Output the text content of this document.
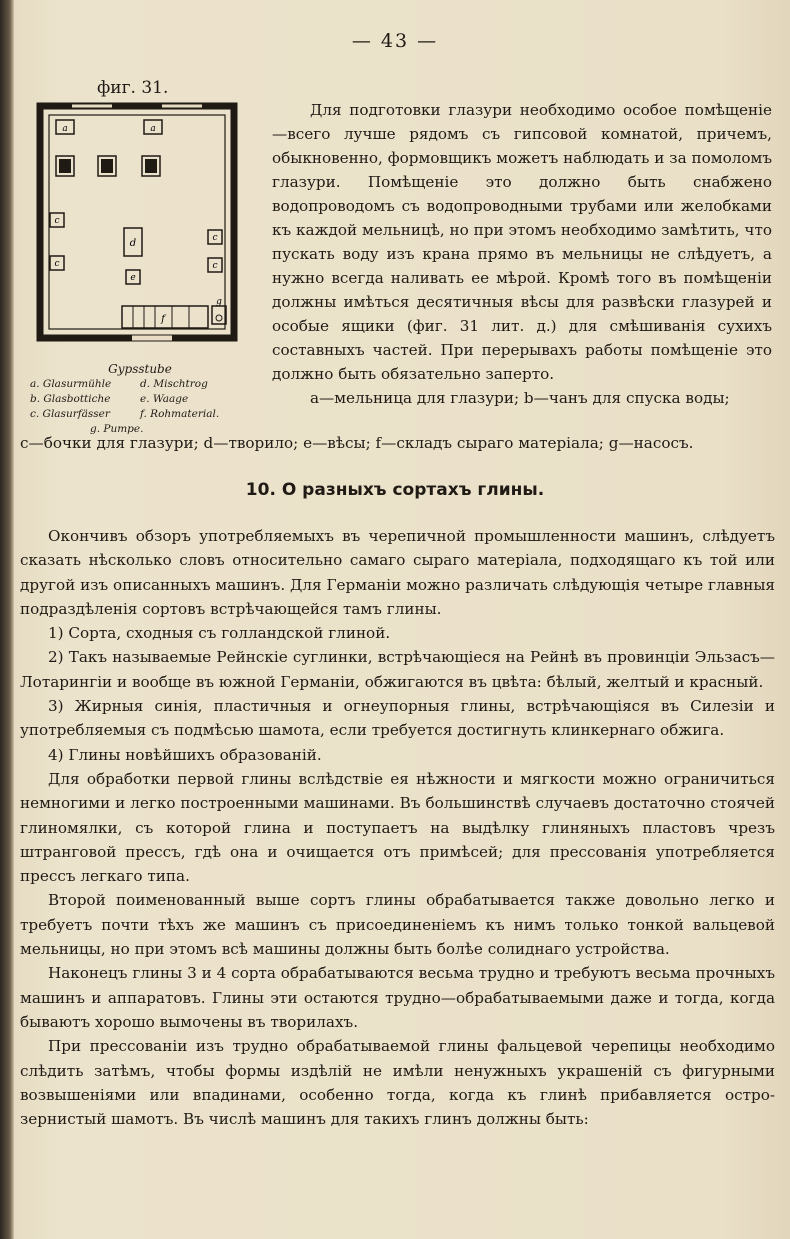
— 43 —
фиг. 31.
a	a
c
c
c
c
d
e
f
g
Gypsstube
a. Glasurmühle	d. Mischtrog
b. Glasbottiche	e. Waage
c. Glasurfässer	f. Rohmaterial.
g. Pumpe.

Для подготовки глазури необходимо особое помѣщеніе—всего лучше рядомъ съ гипсовой комнатой, причемъ, обыкновенно, формовщикъ можетъ наблюдать и за помоломъ глазури. Помѣщеніе это должно быть снабжено водопроводомъ съ водопроводными трубами или желобками къ каждой мельницѣ, но при этомъ необходимо замѣтить, что пускать воду изъ крана прямо въ мельницы не слѣдуетъ, а нужно всегда наливать ее мѣрой. Кромѣ того въ помѣщеніи должны имѣться десятичныя вѣсы для развѣски глазурей и особые ящики (фиг. 31 лит. д.) для смѣшиванія сухихъ составныхъ частей. При перерывахъ работы помѣщеніе это должно быть обязательно заперто.

а—мельница для глазури; b—чанъ для спуска воды;

c—бочки для глазури; d—творило; e—вѣсы; f—складъ сыраго матеріала; g—насосъ.
10. О разныхъ сортахъ глины.

Окончивъ обзоръ употребляемыхъ въ черепичной промышленности машинъ, слѣдуетъ сказать нѣсколько словъ относительно самаго сыраго матеріала, подходящаго къ той или другой изъ описанныхъ машинъ. Для Германіи можно различать слѣдующія четыре главныя подраздѣленія сортовъ встрѣчающейся тамъ глины.

1) Сорта, сходныя съ голландской глиной.

2) Такъ называемые Рейнскіе суглинки, встрѣчающіеся на Рейнѣ въ провинціи Эльзасъ—Лотарингіи и вообще въ южной Германіи, обжигаются въ цвѣта: бѣлый, желтый и красный.

3) Жирныя синія, пластичныя и огнеупорныя глины, встрѣчающіяся въ Силезіи и употребляемыя съ подмѣсью шамота, если требуется достигнуть клинкернаго обжига.

4) Глины новѣйшихъ образованій.

Для обработки первой глины вслѣдствіе ея нѣжности и мягкости можно ограничиться немногими и легко построенными машинами. Въ большинствѣ случаевъ достаточно стоячей глиномялки, съ которой глина и поступаетъ на выдѣлку глиняныхъ пластовъ чрезъ штранговой прессъ, гдѣ она и очищается отъ примѣсей; для прессованія употребляется прессъ легкаго типа.

Второй поименованный выше сортъ глины обрабатывается также довольно легко и требуетъ почти тѣхъ же машинъ съ присоединеніемъ къ нимъ только тонкой вальцевой мельницы, но при этомъ всѣ машины должны быть болѣе солиднаго устройства.

Наконецъ глины 3 и 4 сорта обрабатываются весьма трудно и требуютъ весьма прочныхъ машинъ и аппаратовъ. Глины эти остаются трудно—обрабатываемыми даже и тогда, когда бываютъ хорошо вымочены въ творилахъ.

При прессованіи изъ трудно обрабатываемой глины фальцевой черепицы необходимо слѣдить затѣмъ, чтобы формы издѣлій не имѣли ненужныхъ украшеній съ фигурными возвышеніями или впадинами, особенно тогда, когда къ глинѣ прибавляется остро-зернистый шамотъ. Въ числѣ машинъ для такихъ глинъ должны быть:
